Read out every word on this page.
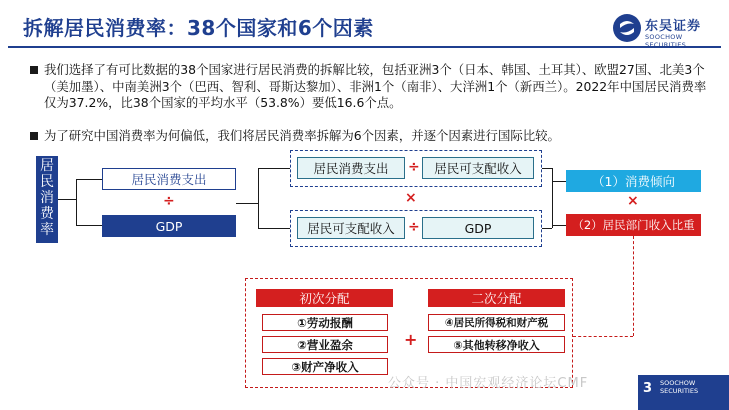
拆解居民消费率：38个国家和6个因素	东吴证券
SOOCHOW SECURITIES
我们选择了有可比数据的38个国家进行居民消费的拆解比较，包括亚洲3个（日本、韩国、土耳其）、欧盟27国、北美3个（美加墨）、中南美洲3个（巴西、智利、哥斯达黎加）、非洲1个（南非）、大洋洲1个（新西兰）。2022年中国居民消费率仅为37.2%，比38个国家的平均水平（53.8%）要低16.6个点。
为了研究中国消费率为何偏低，我们将居民消费率拆解为6个因素，并逐个因素进行国际比较。
居
民
消
费
率
居民消费支出
÷
GDP
居民消费支出	÷	居民可支配收入
×
居民可支配收入 ÷	GDP
（1）消费倾向
×
（2）居民部门收入比重
初次分配
①劳动报酬
②营业盈余
③财产净收入
+
二次分配
④居民所得税和财产税
⑤其他转移净收入
公众号 · 中国宏观经济论坛CMF	3 SOOCHOW SECURITIES
